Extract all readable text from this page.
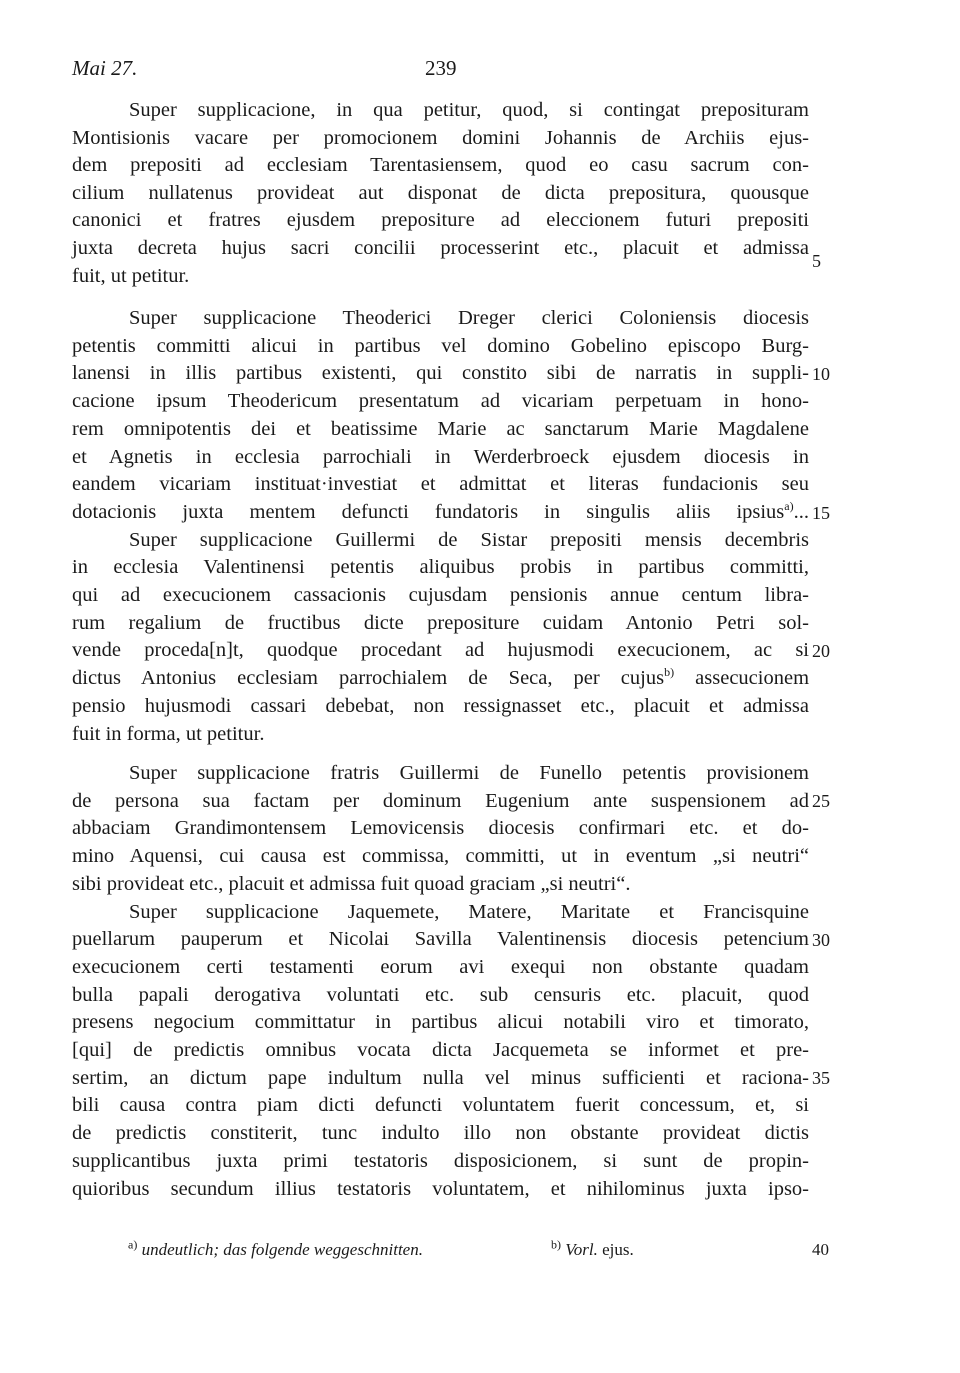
Mai 27.	239
Super supplicacione, in qua petitur, quod, si contingat preposituram
Montisionis vacare per promocionem domini Johannis de Archiis ejus-
dem prepositi ad ecclesiam Tarentasiensem, quod eo casu sacrum con-
cilium nullatenus provideat aut disponat de dicta prepositura, quousque
canonici et fratres ejusdem preposituге ad eleccionem futuri prepositi
juxta decreta hujus sacri concilii processerint etc., placuit et admissa
fuit, ut petitur.
Super supplicacione Theoderici Dreger clerici Coloniensis diocesis
petentis committi alicui in partibus vel domino Gobelino episcopo Burg-
lanensi in illis partibus existenti, qui constito sibi de narratis in suppli-
cacione ipsum Theodericum presentatum ad vicariam perpetuam in hono-
rem omnipotentis dei et beatissime Marie ac sanctarum Marie Magdalene
et Agnetis in ecclesia parrochiali in Werderbroeck ejusdem diocesis in
eandem vicariam instituat·investiat et admittat et literas fundacionis seu
dotacionis juxta mentem defuncti fundatoris in singulis aliis ipsius$^{a)}$...
Super supplicacione Guillermi de Sistar prepositi mensis decembris
in ecclesia Valentinensi petentis aliquibus probis in partibus committi,
qui ad execucionem cassacionis cujusdam pensionis annue centum libra-
rum regalium de fructibus dicte prepositure cuidam Antonio Petri sol-
vende proceda[n]t, quodque procedant ad hujusmodi execucionem, ac si
dictus Antonius ecclesiam parrochialem de Seca, per cujus$^{b)}$ assecucionem
pensio hujusmodi cassari debebat, non ressignasset etc., placuit et admissa
fuit in forma, ut petitur.
Super supplicacione fratris Guillermi de Funello petentis provisionem
de persona sua factam per dominum Eugenium ante suspensionem ad
abbaciam Grandimontensem Lemovicensis diocesis confirmari etc. et do-
mino Aquensi, cui causa est commissa, committi, ut in eventum „si neutri“
sibi provideat etc., placuit et admissa fuit quoad graciam „si neutri“.
Super supplicacione Jaquemete, Matere, Maritate et Francisquine
puellarum pauperum et Nicolai Savilla Valentinensis diocesis petencium
execucionem certi testamenti eorum avi exequi non obstante quadam
bulla papali derogativa voluntati etc. sub censuris etc. placuit, quod
presens negocium committatur in partibus alicui notabili viro et timorato,
[qui] de predictis omnibus vocata dicta Jacquemeta se informet et pre-
sertim, an dictum pape indultum nulla vel minus sufficienti et raciona-
bili causa contra piam dicti defuncti voluntatem fuerit concessum, et, si
de predictis constiterit, tunc indulto illo non obstante provideat dictis
supplicantibus juxta primi testatoris disposicionem, si sunt de propin-
quioribus secundum illius testatoris voluntatem, et nihilominus juxta ipso-
5
10
15
20
25
30
35
$^{a)}$ undeutlich; das folgende weggeschnitten.	$^{b)}$ Vorl. ejus.	40
